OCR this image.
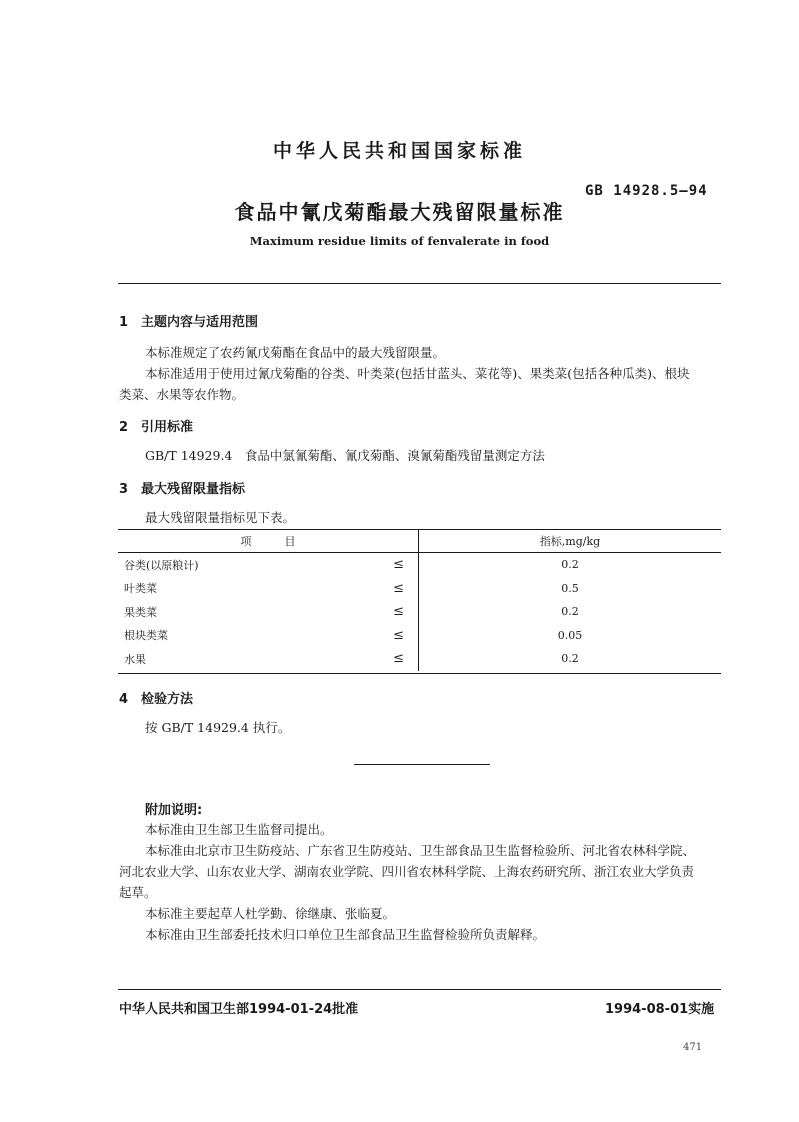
中华人民共和国国家标准
GB 14928.5—94
食品中氰戊菊酯最大残留限量标准
Maximum residue limits of fenvalerate in food
1　主题内容与适用范围
本标准规定了农药氰戊菊酯在食品中的最大残留限量。
本标准适用于使用过氰戊菊酯的谷类、叶类菜(包括甘蓝头、菜花等)、果类菜(包括各种瓜类)、根块
类菜、水果等农作物。
2　引用标准
GB/T 14929.4　食品中氯氰菊酯、氰戊菊酯、溴氰菊酯残留量测定方法
3　最大残留限量指标
最大残留限量指标见下表。
项　　　目		指标,mg/kg
谷类(以原粮计)	≤	0.2
叶类菜	≤	0.5
果类菜	≤	0.2
根块类菜	≤	0.05
水果	≤	0.2
4　检验方法
按 GB/T 14929.4 执行。
附加说明:
本标准由卫生部卫生监督司提出。
本标准由北京市卫生防疫站、广东省卫生防疫站、卫生部食品卫生监督检验所、河北省农林科学院、
河北农业大学、山东农业大学、湖南农业学院、四川省农林科学院、上海农药研究所、浙江农业大学负责
起草。
本标准主要起草人杜学勤、徐继康、张临夏。
本标准由卫生部委托技术归口单位卫生部食品卫生监督检验所负责解释。
中华人民共和国卫生部1994-01-24批准	1994-08-01实施
471
